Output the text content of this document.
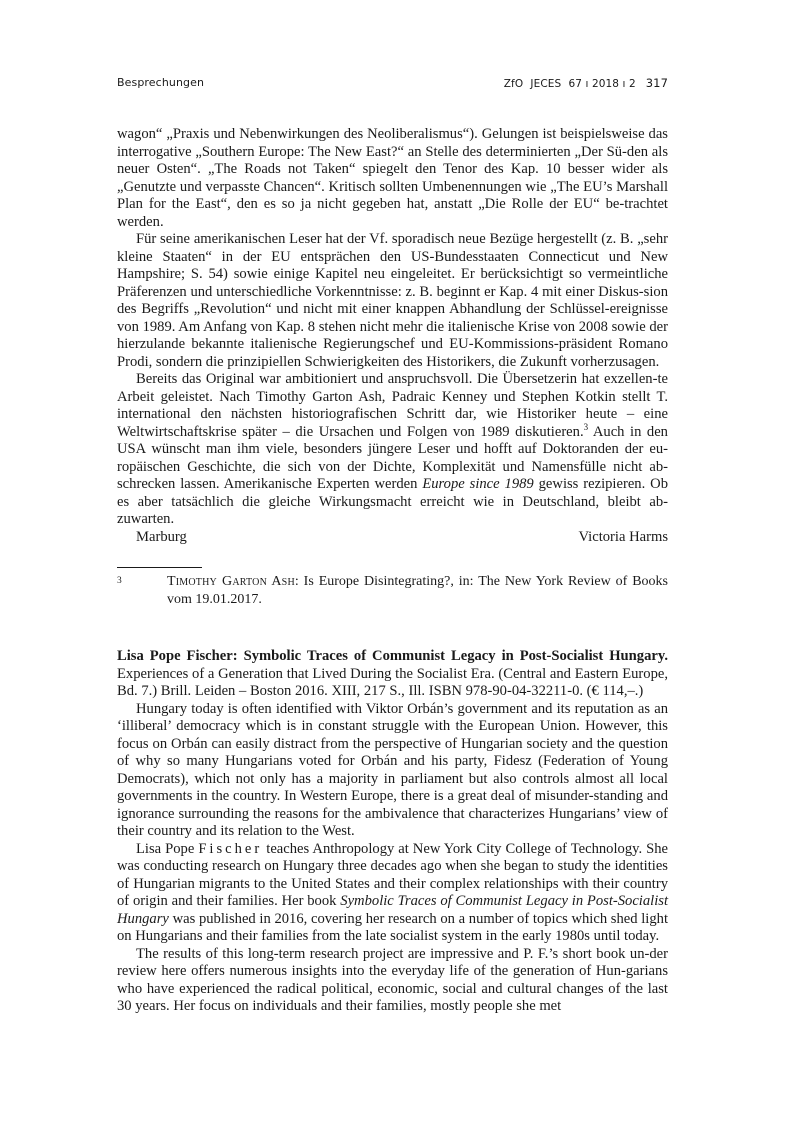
Besprechungen	ZfO JECES 67 ı 2018 ı 2 317

wagon“ „Praxis und Nebenwirkungen des Neoliberalismus“). Gelungen ist beispielsweise das interrogative „Southern Europe: The New East?“ an Stelle des determinierten „Der Sü-den als neuer Osten“. „The Roads not Taken“ spiegelt den Tenor des Kap. 10 besser wider als „Genutzte und verpasste Chancen“. Kritisch sollten Umbenennungen wie „The EU’s Marshall Plan for the East“, den es so ja nicht gegeben hat, anstatt „Die Rolle der EU“ be-trachtet werden.

Für seine amerikanischen Leser hat der Vf. sporadisch neue Bezüge hergestellt (z. B. „sehr kleine Staaten“ in der EU entsprächen den US-Bundesstaaten Connecticut und New Hampshire; S. 54) sowie einige Kapitel neu eingeleitet. Er berücksichtigt so vermeintliche Präferenzen und unterschiedliche Vorkenntnisse: z. B. beginnt er Kap. 4 mit einer Diskus-sion des Begriffs „Revolution“ und nicht mit einer knappen Abhandlung der Schlüssel-ereignisse von 1989. Am Anfang von Kap. 8 stehen nicht mehr die italienische Krise von 2008 sowie der hierzulande bekannte italienische Regierungschef und EU-Kommissions-präsident Romano Prodi, sondern die prinzipiellen Schwierigkeiten des Historikers, die Zukunft vorherzusagen.

Bereits das Original war ambitioniert und anspruchsvoll. Die Übersetzerin hat exzellen-te Arbeit geleistet. Nach Timothy Garton Ash, Padraic Kenney und Stephen Kotkin stellt T. international den nächsten historiografischen Schritt dar, wie Historiker heute – eine Weltwirtschaftskrise später – die Ursachen und Folgen von 1989 diskutieren.$^3$ Auch in den USA wünscht man ihm viele, besonders jüngere Leser und hofft auf Doktoranden der eu-ropäischen Geschichte, die sich von der Dichte, Komplexität und Namensfülle nicht ab-schrecken lassen. Amerikanische Experten werden Europe since 1989 gewiss rezipieren. Ob es aber tatsächlich die gleiche Wirkungsmacht erreicht wie in Deutschland, bleibt ab-zuwarten.

Marburg	Victoria Harms
3	Timothy Garton Ash: Is Europe Disintegrating?, in: The New York Review of Books vom 19.01.2017.

Lisa Pope Fischer: Symbolic Traces of Communist Legacy in Post-Socialist Hungary. Experiences of a Generation that Lived During the Socialist Era. (Central and Eastern Europe, Bd. 7.) Brill. Leiden – Boston 2016. XIII, 217 S., Ill. ISBN 978-90-04-32211-0. (€ 114,–.)

Hungary today is often identified with Viktor Orbán’s government and its reputation as an ‘illiberal’ democracy which is in constant struggle with the European Union. However, this focus on Orbán can easily distract from the perspective of Hungarian society and the question of why so many Hungarians voted for Orbán and his party, Fidesz (Federation of Young Democrats), which not only has a majority in parliament but also controls almost all local governments in the country. In Western Europe, there is a great deal of misunder-standing and ignorance surrounding the reasons for the ambivalence that characterizes Hungarians’ view of their country and its relation to the West.

Lisa Pope Fischer teaches Anthropology at New York City College of Technology. She was conducting research on Hungary three decades ago when she began to study the identities of Hungarian migrants to the United States and their complex relationships with their country of origin and their families. Her book Symbolic Traces of Communist Legacy in Post-Socialist Hungary was published in 2016, covering her research on a number of topics which shed light on Hungarians and their families from the late socialist system in the early 1980s until today.

The results of this long-term research project are impressive and P. F.’s short book un-der review here offers numerous insights into the everyday life of the generation of Hun-garians who have experienced the radical political, economic, social and cultural changes of the last 30 years. Her focus on individuals and their families, mostly people she met
